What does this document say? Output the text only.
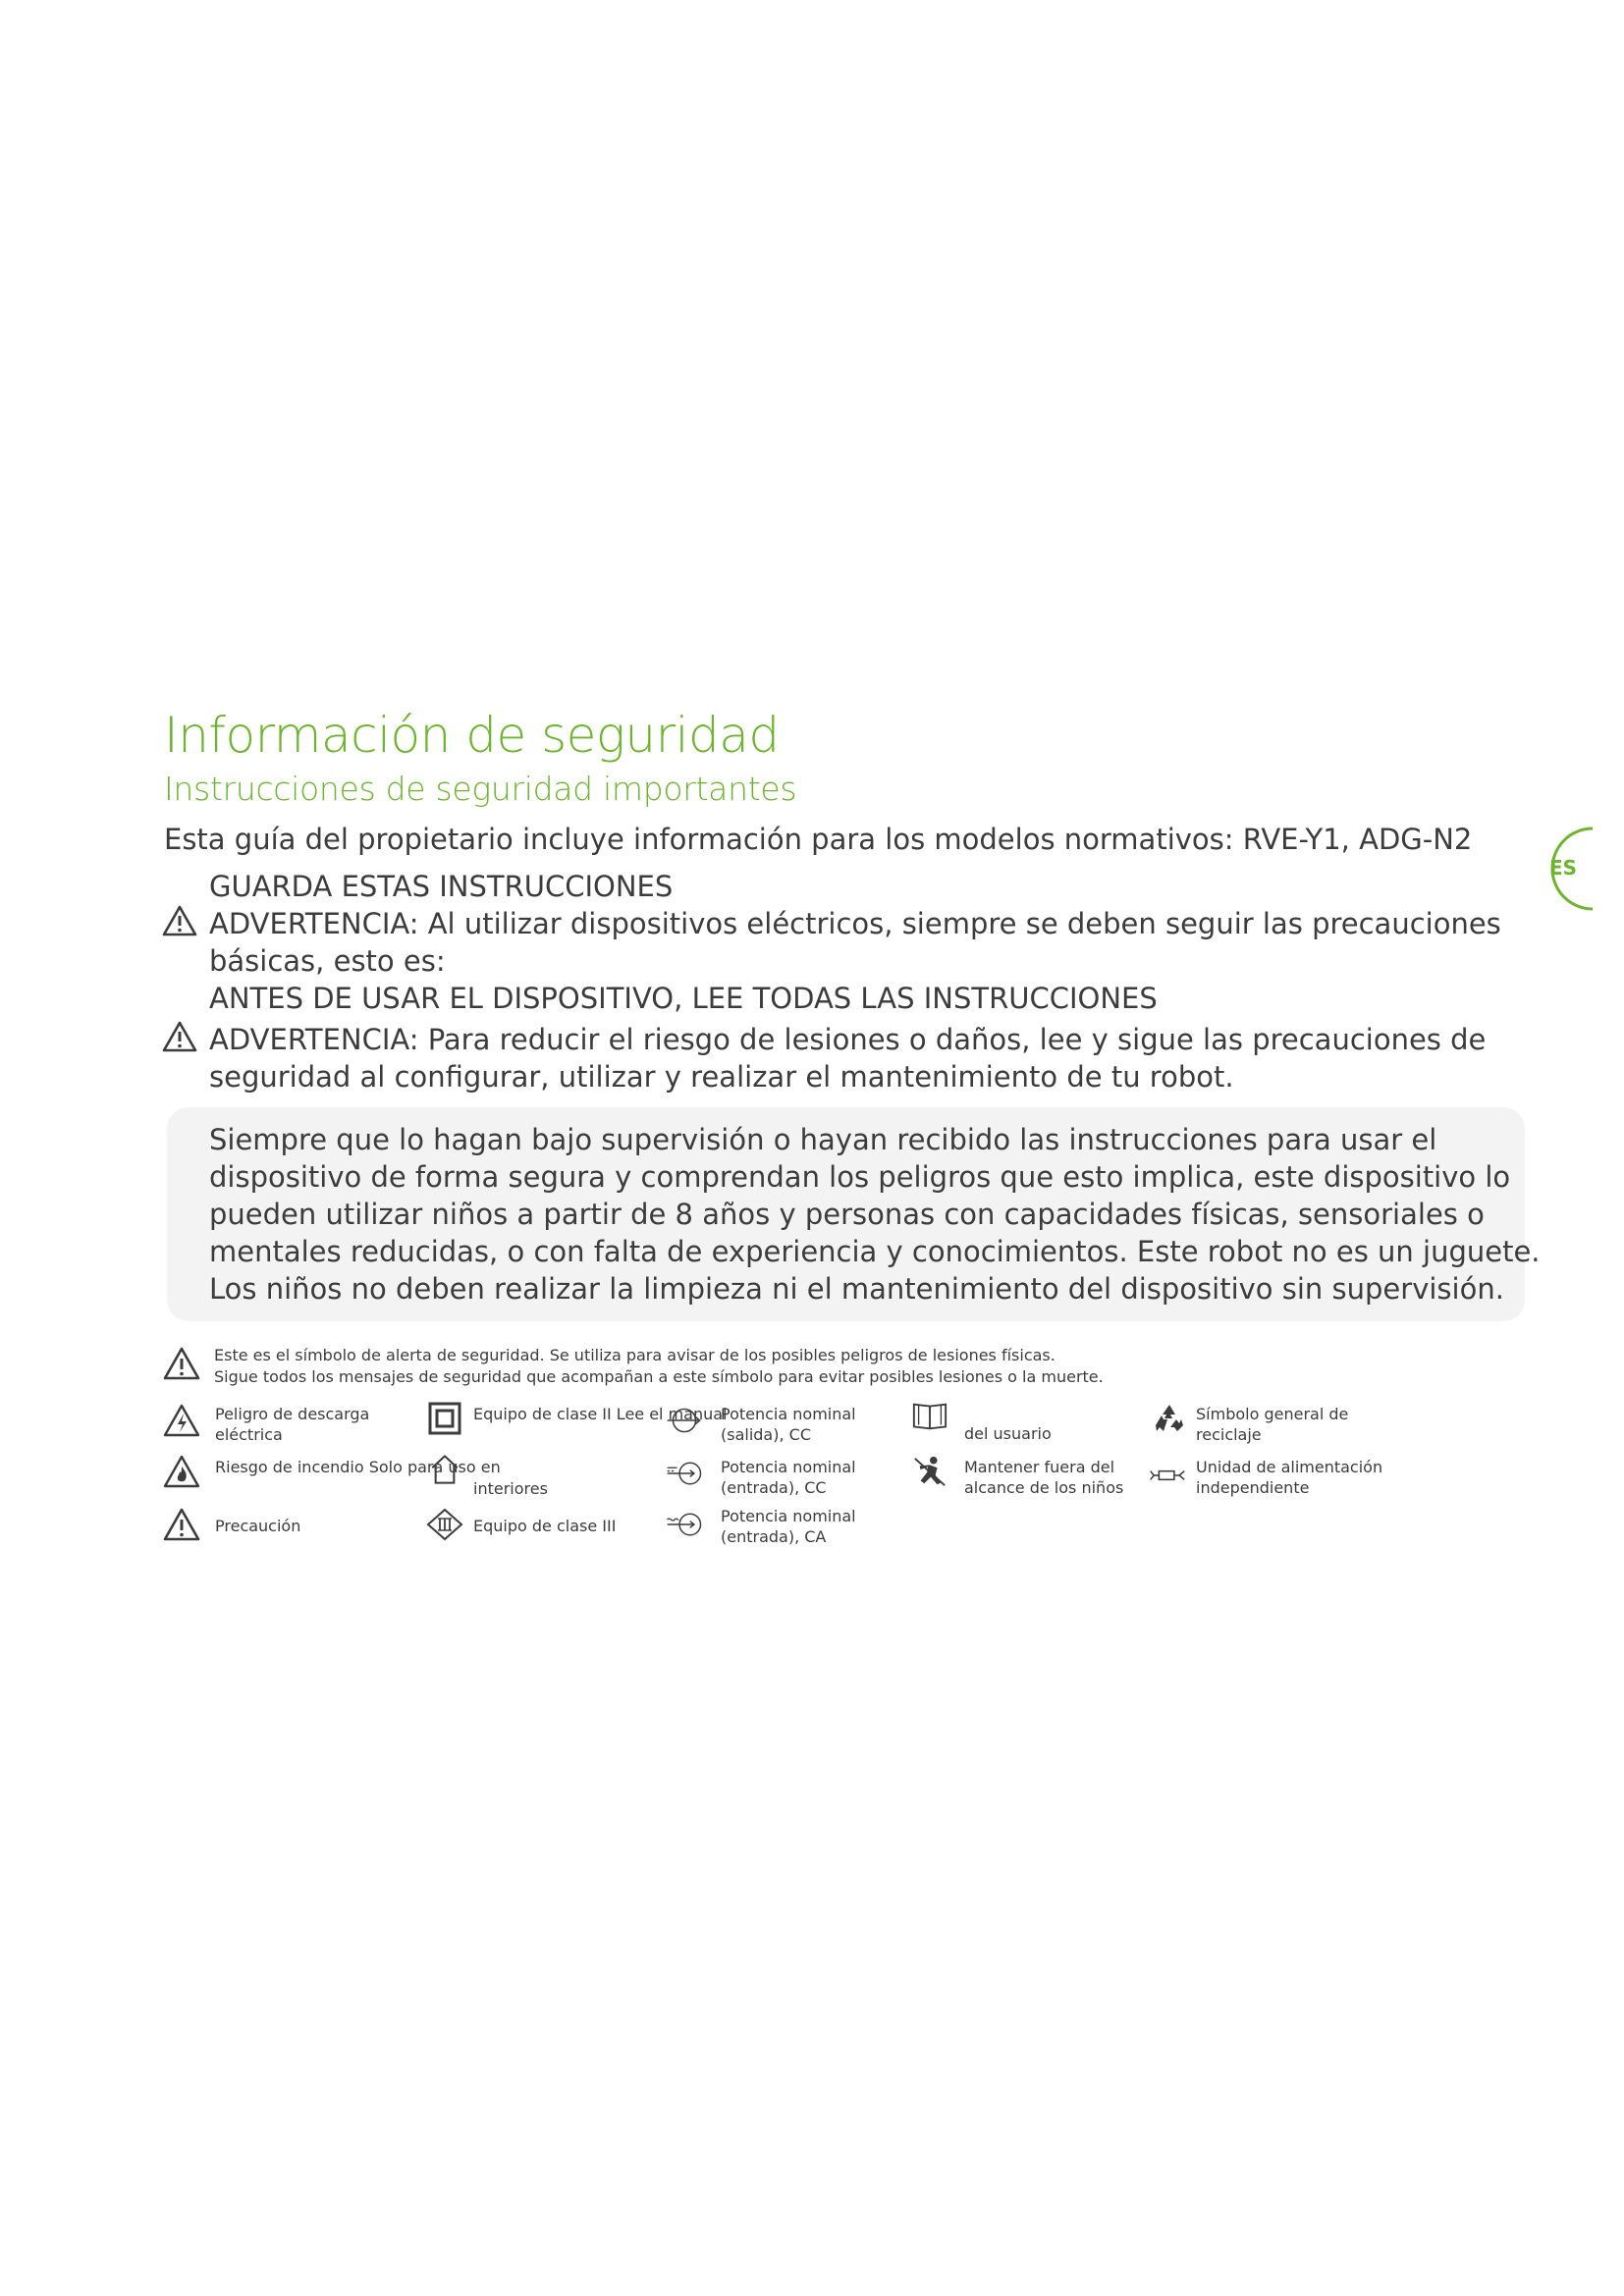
Información de seguridad
Instrucciones de seguridad importantes
Esta guía del propietario incluye información para los modelos normativos: RVE-Y1, ADG-N2
ES
GUARDA ESTAS INSTRUCCIONES
ADVERTENCIA: Al utilizar dispositivos eléctricos, siempre se deben seguir las precauciones
básicas, esto es:
ANTES DE USAR EL DISPOSITIVO, LEE TODAS LAS INSTRUCCIONES
ADVERTENCIA: Para reducir el riesgo de lesiones o daños, lee y sigue las precauciones de
seguridad al configurar, utilizar y realizar el mantenimiento de tu robot.
Siempre que lo hagan bajo supervisión o hayan recibido las instrucciones para usar el
dispositivo de forma segura y comprendan los peligros que esto implica, este dispositivo lo
pueden utilizar niños a partir de 8 años y personas con capacidades físicas, sensoriales o
mentales reducidas, o con falta de experiencia y conocimientos. Este robot no es un juguete.
Los niños no deben realizar la limpieza ni el mantenimiento del dispositivo sin supervisión.
Este es el símbolo de alerta de seguridad. Se utiliza para avisar de los posibles peligros de lesiones físicas.
Sigue todos los mensajes de seguridad que acompañan a este símbolo para evitar posibles lesiones o la muerte.
Peligro de descarga
eléctrica
Equipo de clase II Lee el manual
Potencia nominal
(salida), CC	del usuario
Símbolo general de
reciclaje
Riesgo de incendio Solo para uso en
interiores
Potencia nominal
(entrada), CC
Mantener fuera del
alcance de los niños
Unidad de alimentación
independiente
Precaución	Equipo de clase III
Potencia nominal
(entrada), CA
